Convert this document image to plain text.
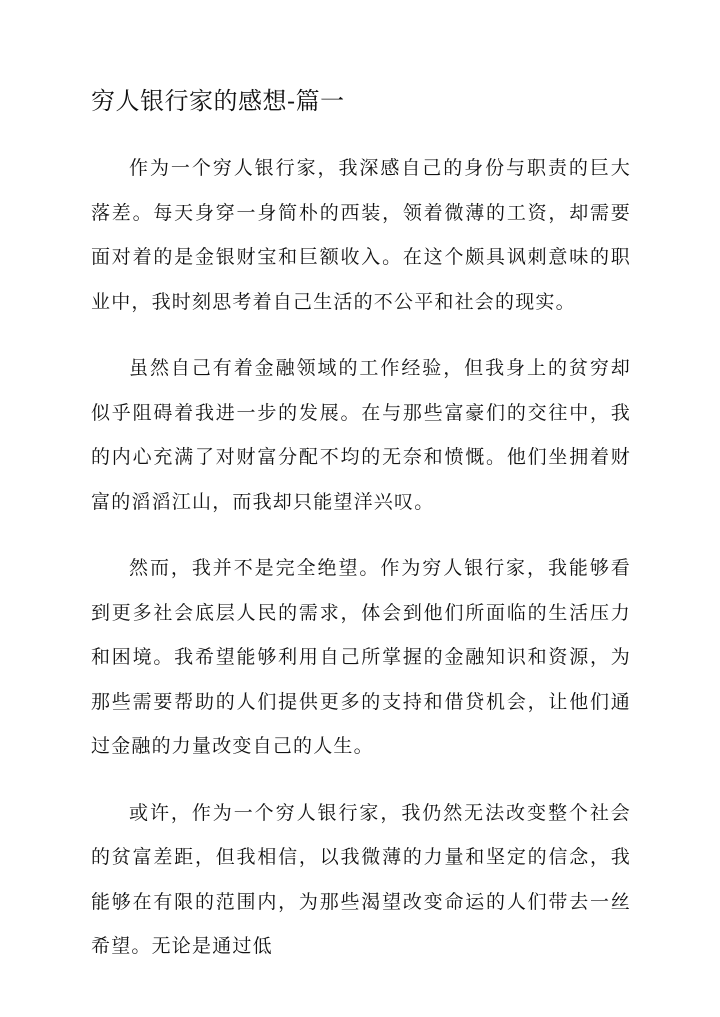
穷人银行家的感想-篇一

作为一个穷人银行家，我深感自己的身份与职责的巨大落差。每天身穿一身简朴的西装，领着微薄的工资，却需要面对着的是金银财宝和巨额收入。在这个颇具讽刺意味的职业中，我时刻思考着自己生活的不公平和社会的现实。

虽然自己有着金融领域的工作经验，但我身上的贫穷却似乎阻碍着我进一步的发展。在与那些富豪们的交往中，我的内心充满了对财富分配不均的无奈和愤慨。他们坐拥着财富的滔滔江山，而我却只能望洋兴叹。

然而，我并不是完全绝望。作为穷人银行家，我能够看到更多社会底层人民的需求，体会到他们所面临的生活压力和困境。我希望能够利用自己所掌握的金融知识和资源，为那些需要帮助的人们提供更多的支持和借贷机会，让他们通过金融的力量改变自己的人生。

或许，作为一个穷人银行家，我仍然无法改变整个社会的贫富差距，但我相信，以我微薄的力量和坚定的信念，我能够在有限的范围内，为那些渴望改变命运的人们带去一丝希望。无论是通过低
